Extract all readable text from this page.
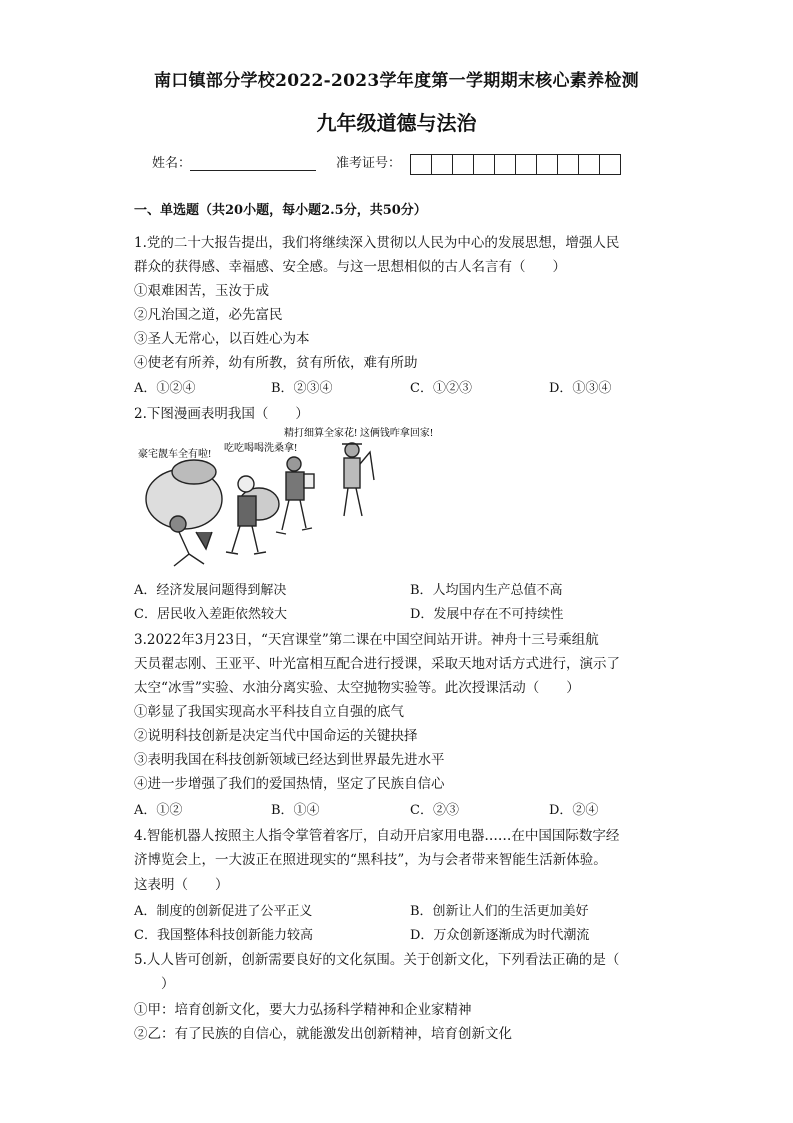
南口镇部分学校2022-2023学年度第一学期期末核心素养检测
九年级道德与法治
姓名：	准考证号：
一、单选题（共20小题，每小题2.5分，共50分）
1.党的二十大报告提出，我们将继续深入贯彻以人民为中心的发展思想，增强人民
群众的获得感、幸福感、安全感。与这一思想相似的古人名言有（　　）
①艰难困苦，玉汝于成
②凡治国之道，必先富民
③圣人无常心，以百姓心为本
④使老有所养，幼有所教，贫有所依，难有所助
A．①②④	B．②③④	C．①②③	D．①③④
2.下图漫画表明我国（　　）
豪宅靓车全有啦!
吃吃喝喝洗桑拿!
精打细算全家花! 这俩钱咋拿回家!
A．经济发展问题得到解决	B．人均国内生产总值不高
C．居民收入差距依然较大	D．发展中存在不可持续性
3.2022年3月23日，“天宫课堂”第二课在中国空间站开讲。神舟十三号乘组航
天员翟志刚、王亚平、叶光富相互配合进行授课，采取天地对话方式进行，演示了
太空“冰雪”实验、水油分离实验、太空抛物实验等。此次授课活动（　　）
①彰显了我国实现高水平科技自立自强的底气
②说明科技创新是决定当代中国命运的关键抉择
③表明我国在科技创新领域已经达到世界最先进水平
④进一步增强了我们的爱国热情，坚定了民族自信心
A．①②	B．①④	C．②③	D．②④
4.智能机器人按照主人指令掌管着客厅，自动开启家用电器……在中国国际数字经
济博览会上，一大波正在照进现实的“黑科技”，为与会者带来智能生活新体验。
这表明（　　）
A．制度的创新促进了公平正义	B．创新让人们的生活更加美好
C．我国整体科技创新能力较高	D．万众创新逐渐成为时代潮流
5.人人皆可创新，创新需要良好的文化氛围。关于创新文化，下列看法正确的是（
　　）
①甲：培育创新文化，要大力弘扬科学精神和企业家精神
②乙：有了民族的自信心，就能激发出创新精神，培育创新文化
